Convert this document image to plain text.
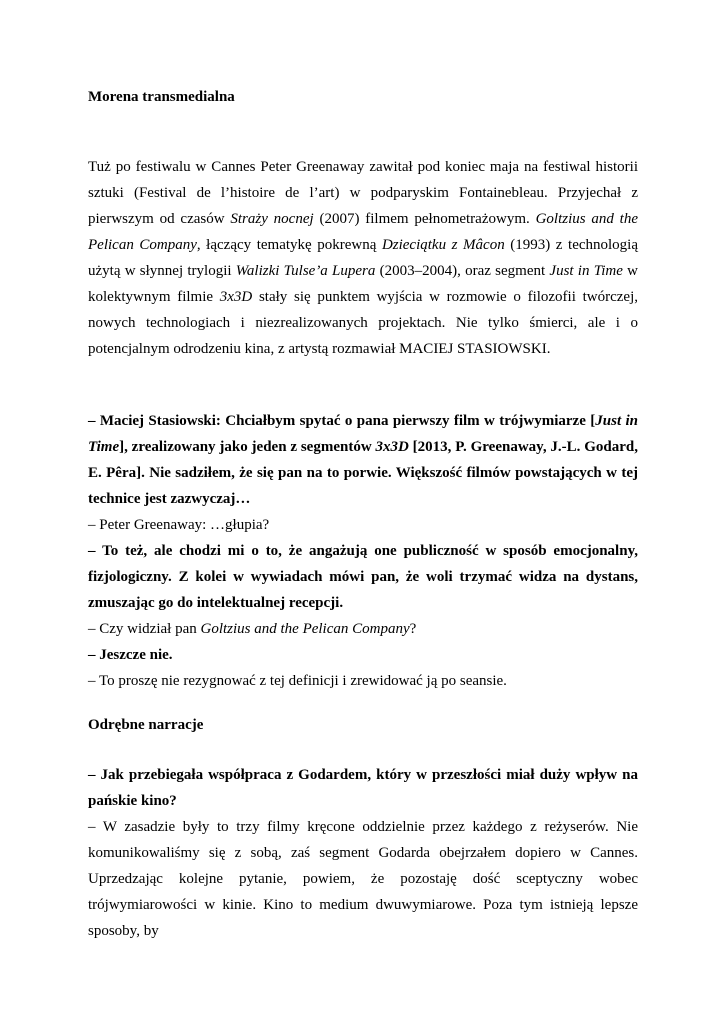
Morena transmedialna
Tuż po festiwalu w Cannes Peter Greenaway zawitał pod koniec maja na festiwal historii sztuki (Festival de l’histoire de l’art) w podparyskim Fontainebleau. Przyjechał z pierwszym od czasów Straży nocnej (2007) filmem pełnometrażowym. Goltzius and the Pelican Company, łączący tematykę pokrewną Dzieciątku z Mâcon (1993) z technologią użytą w słynnej trylogii Walizki Tulse’a Lupera (2003–2004), oraz segment Just in Time w kolektywnym filmie 3x3D stały się punktem wyjścia w rozmowie o filozofii twórczej, nowych technologiach i niezrealizowanych projektach. Nie tylko śmierci, ale i o potencjalnym odrodzeniu kina, z artystą rozmawiał MACIEJ STASIOWSKI.
– Maciej Stasiowski: Chciałbym spytać o pana pierwszy film w trójwymiarze [Just in Time], zrealizowany jako jeden z segmentów 3x3D [2013, P. Greenaway, J.-L. Godard, E. Pêra]. Nie sadziłem, że się pan na to porwie. Większość filmów powstających w tej technice jest zazwyczaj…
– Peter Greenaway: …głupia?
– To też, ale chodzi mi o to, że angażują one publiczność w sposób emocjonalny, fizjologiczny. Z kolei w wywiadach mówi pan, że woli trzymać widza na dystans, zmuszając go do intelektualnej recepcji.
– Czy widział pan Goltzius and the Pelican Company?
– Jeszcze nie.
– To proszę nie rezygnować z tej definicji i zrewidować ją po seansie.
Odrębne narracje
– Jak przebiegała współpraca z Godardem, który w przeszłości miał duży wpływ na pańskie kino?
– W zasadzie były to trzy filmy kręcone oddzielnie przez każdego z reżyserów. Nie komunikowaliśmy się z sobą, zaś segment Godarda obejrzałem dopiero w Cannes. Uprzedzając kolejne pytanie, powiem, że pozostaję dość sceptyczny wobec trójwymiarowości w kinie. Kino to medium dwuwymiarowe. Poza tym istnieją lepsze sposoby, by
